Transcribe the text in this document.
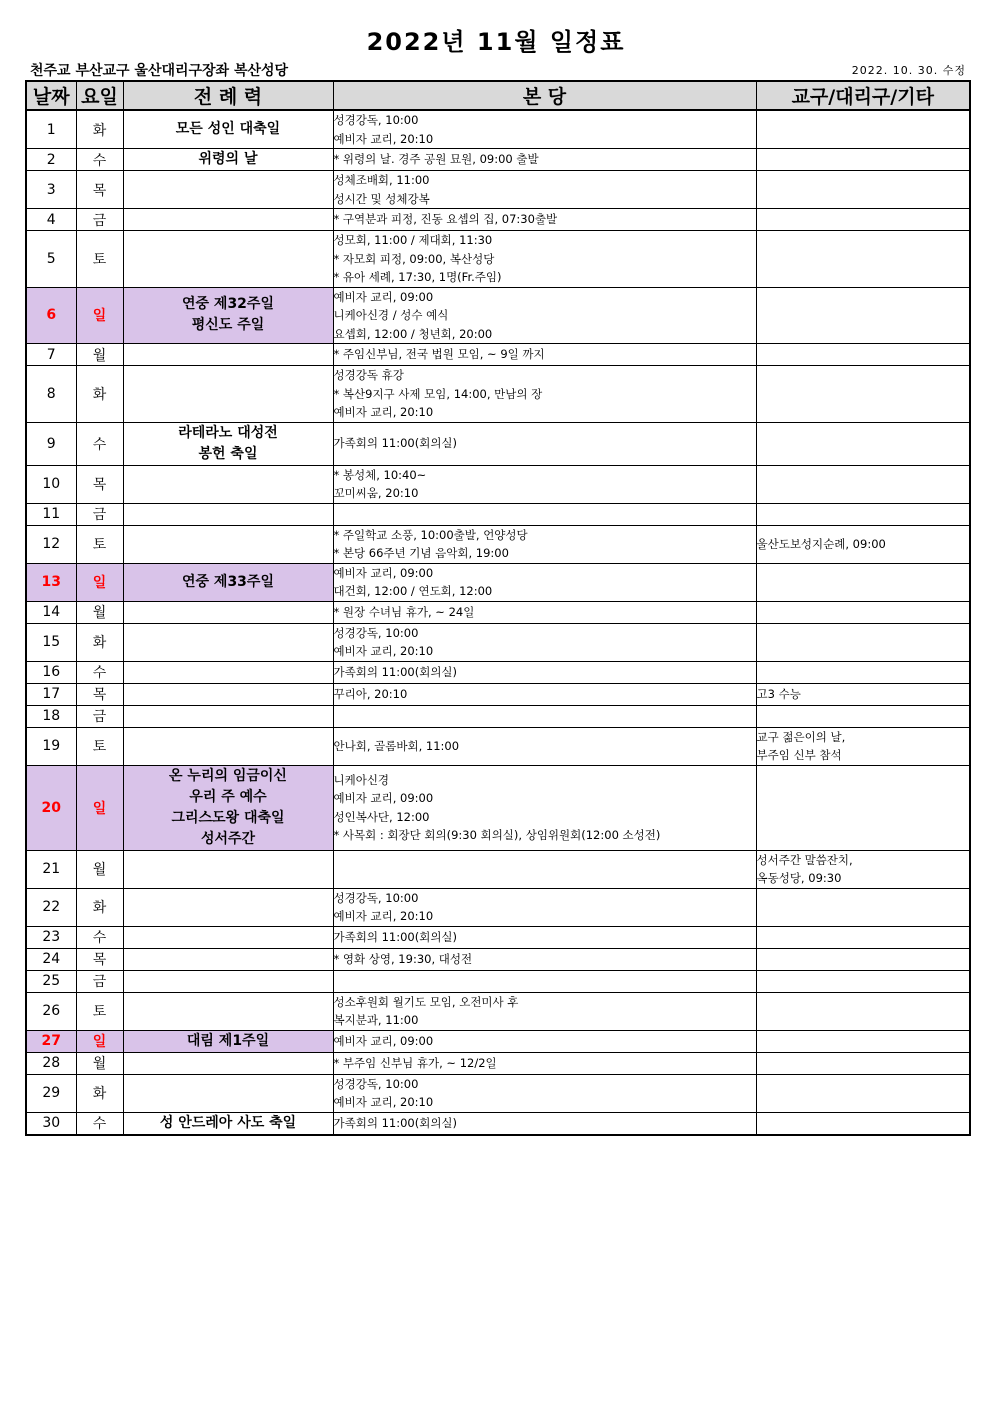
2022년 11월 일정표
천주교 부산교구 울산대리구장좌 복산성당	2022. 10. 30. 수정
날짜	요일	전 례 력	본 당	교구/대리구/기타
1	화	모든 성인 대축일	성경강독, 10:00
예비자 교리, 20:10	

2	수	위령의 날	* 위령의 날. 경주 공원 묘원, 09:00 출발	

3	목		성체조배회, 11:00
성시간 및 성체강복	

4	금		* 구역분과 피정, 진동 요셉의 집, 07:30출발	

5	토		성모회, 11:00 / 제대회, 11:30
* 자모회 피정, 09:00, 복산성당
* 유아 세례, 17:30, 1명(Fr.주임)	

6	일	연중 제32주일
평신도 주일	예비자 교리, 09:00
니케아신경 / 성수 예식
요셉회, 12:00 / 청년회, 20:00	

7	월		* 주임신부님, 전국 법원 모임, ~ 9일 까지	

8	화		성경강독 휴강
* 복산9지구 사제 모임, 14:00, 만남의 장
예비자 교리, 20:10	

9	수	라테라노 대성전
봉헌 축일	가족회의 11:00(회의실)	

10	목		* 봉성체, 10:40~
꼬미씨움, 20:10	

11	금			
12	토		* 주일학교 소풍, 10:00출발, 언양성당
* 본당 66주년 기념 음악회, 19:00	울산도보성지순례, 09:00

13	일	연중 제33주일	예비자 교리, 09:00
대건회, 12:00 / 연도회, 12:00	

14	월		* 원장 수녀님 휴가, ~ 24일	

15	화		성경강독, 10:00
예비자 교리, 20:10	

16	수		가족회의 11:00(회의실)	

17	목		꾸리아, 20:10	고3 수능

18	금			
19	토		안나회, 골롬바회, 11:00	교구 젊은이의 날,
부주임 신부 참석

20	일	온 누리의 임금이신
우리 주 예수
그리스도왕 대축일
성서주간	니케아신경
예비자 교리, 09:00
성인복사단, 12:00
* 사목회 : 회장단 회의(9:30 회의실), 상임위원회(12:00 소성전)	

21	월			성서주간 말씀잔치,
옥동성당, 09:30

22	화		성경강독, 10:00
예비자 교리, 20:10	

23	수		가족회의 11:00(회의실)	

24	목		* 영화 상영, 19:30, 대성전	

25	금			
26	토		성소후원회 월기도 모임, 오전미사 후
복지분과, 11:00	

27	일	대림 제1주일	예비자 교리, 09:00	

28	월		* 부주임 신부님 휴가, ~ 12/2일	

29	화		성경강독, 10:00
예비자 교리, 20:10	

30	수	성 안드레아 사도 축일	가족회의 11:00(회의실)	
